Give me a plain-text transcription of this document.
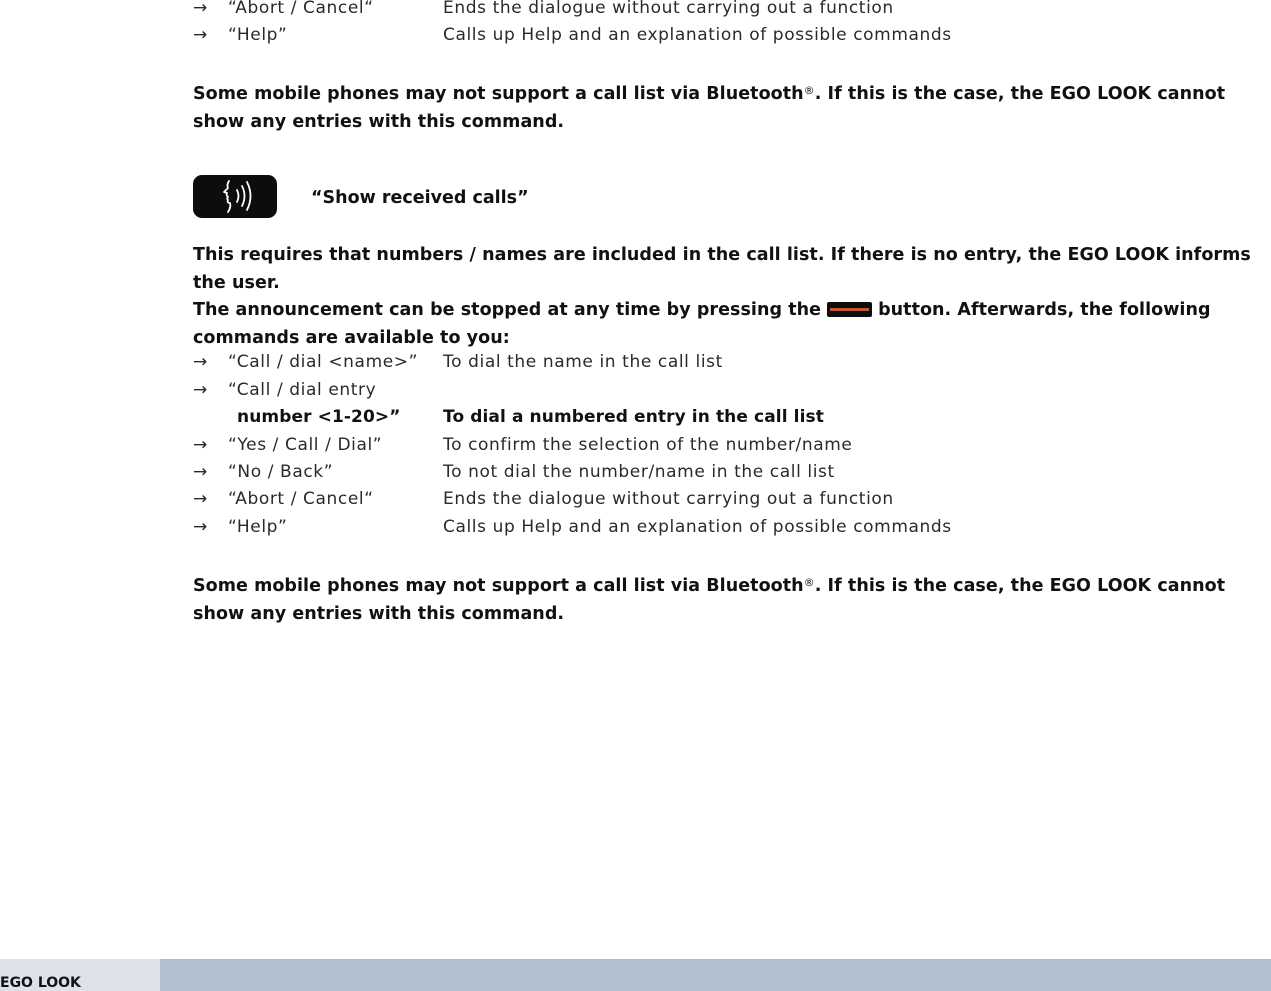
→	“Abort / Cancel“	Ends the dialogue without carrying out a function
→	“Help”	Calls up Help and an explanation of possible commands

Some mobile phones may not support a call list via Bluetooth®. If this is the case, the EGO LOOK cannot show any entries with this command.

“Show received calls”

This requires that numbers / names are included in the call list. If there is no entry, the EGO LOOK informs the user.
The announcement can be stopped at any time by pressing the	button. Afterwards, the following commands are available to you:

→	“Call / dial <name>” To dial the name in the call list
→	“Call / dial entry
number <1-20>” To dial a numbered entry in the call list
→	“Yes / Call / Dial”	To confirm the selection of the number/name
→	“No / Back”	To not dial the number/name in the call list
→	“Abort / Cancel“	Ends the dialogue without carrying out a function
→	“Help”	Calls up Help and an explanation of possible commands

Some mobile phones may not support a call list via Bluetooth®. If this is the case, the EGO LOOK cannot show any entries with this command.

EGO LOOK
